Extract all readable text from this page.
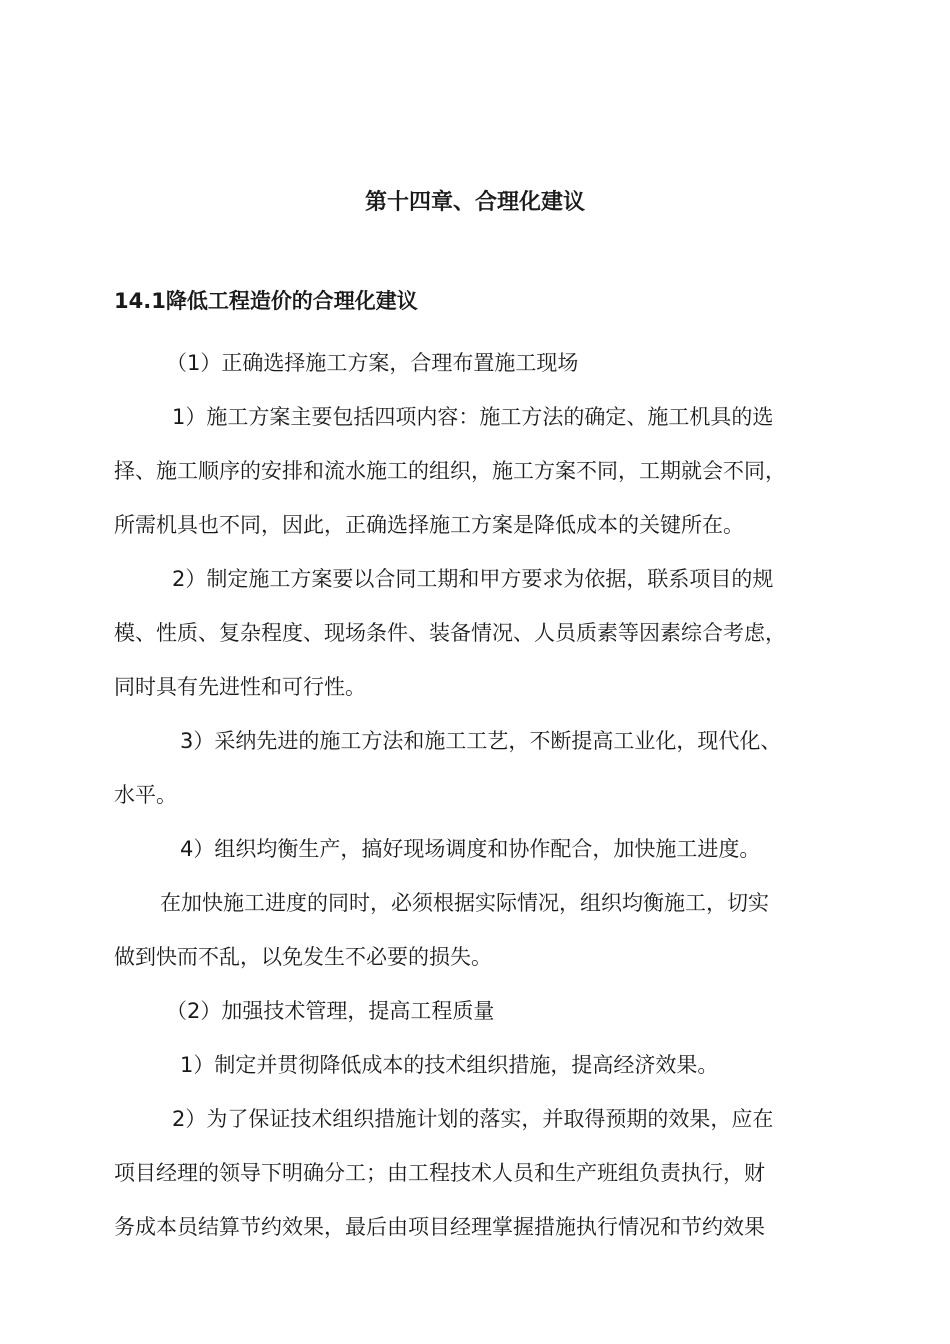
第十四章、合理化建议
14.1降低工程造价的合理化建议
（1）正确选择施工方案，合理布置施工现场
1）施工方案主要包括四项内容：施工方法的确定、施工机具的选
择、施工顺序的安排和流水施工的组织，施工方案不同，工期就会不同，
所需机具也不同，因此，正确选择施工方案是降低成本的关键所在。
2）制定施工方案要以合同工期和甲方要求为依据，联系项目的规
模、性质、复杂程度、现场条件、装备情况、人员质素等因素综合考虑，
同时具有先进性和可行性。
3）采纳先进的施工方法和施工工艺，不断提高工业化，现代化、
水平。
4）组织均衡生产，搞好现场调度和协作配合，加快施工进度。
在加快施工进度的同时，必须根据实际情况，组织均衡施工，切实
做到快而不乱，以免发生不必要的损失。
（2）加强技术管理，提高工程质量
1）制定并贯彻降低成本的技术组织措施，提高经济效果。
2）为了保证技术组织措施计划的落实，并取得预期的效果，应在
项目经理的领导下明确分工；由工程技术人员和生产班组负责执行，财
务成本员结算节约效果，最后由项目经理掌握措施执行情况和节约效果
